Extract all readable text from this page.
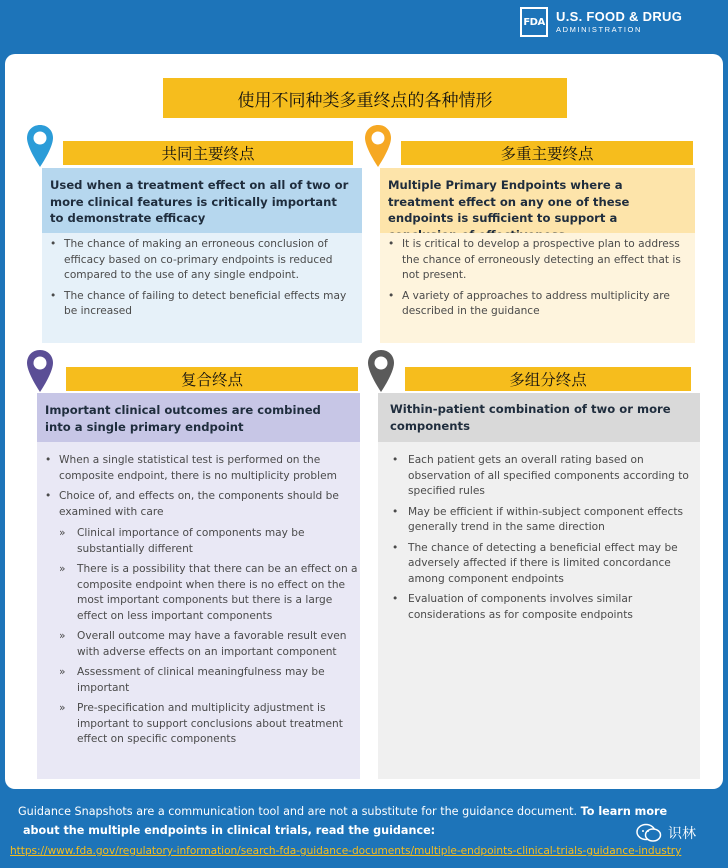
FDA U.S. FOOD & DRUG
ADMINISTRATION
使用不同种类多重终点的各种情形
共同主要终点
Used when a treatment effect on all of two or more clinical features is critically important to demonstrate efficacy
• The chance of making an erroneous conclusion of efficacy based on co-primary endpoints is reduced compared to the use of any single endpoint.
• The chance of failing to detect beneficial effects may be increased
多重主要终点
Multiple Primary Endpoints where a treatment effect on any one of these endpoints is sufficient to support a
• It is critical to develop a prospective plan to address the chance of erroneously detecting an effect that is not present.
• A variety of approaches to address multiplicity are described in the guidance
复合终点
Important clinical outcomes are combined into a single primary endpoint
• When a single statistical test is performed on the composite endpoint, there is no multiplicity problem
• Choice of, and effects on, the components should be examined with care
» Clinical importance of components may be substantially different
» There is a possibility that there can be an effect on a composite endpoint when there is no effect on the most important components but there is a large effect on less important components
» Overall outcome may have a favorable result even with adverse effects on an important component
» Assessment of clinical meaningfulness may be important
» Pre-specification and multiplicity adjustment is important to support conclusions about treatment effect on specific components
多组分终点
Within-patient combination of two or more components
• Each patient gets an overall rating based on observation of all specified components according to specified rules
• May be efficient if within-subject component effects generally trend in the same direction
• The chance of detecting a beneficial effect may be adversely affected if there is limited concordance among component endpoints
• Evaluation of components involves similar considerations as for composite endpoints
Guidance Snapshots are a communication tool and are not a substitute for the guidance document. To learn more
about the multiple endpoints in clinical trials, read the guidance:
https://www.fda.gov/regulatory-information/search-fda-guidance-documents/multiple-endpoints-clinical-trials-guidance-industry
识林
